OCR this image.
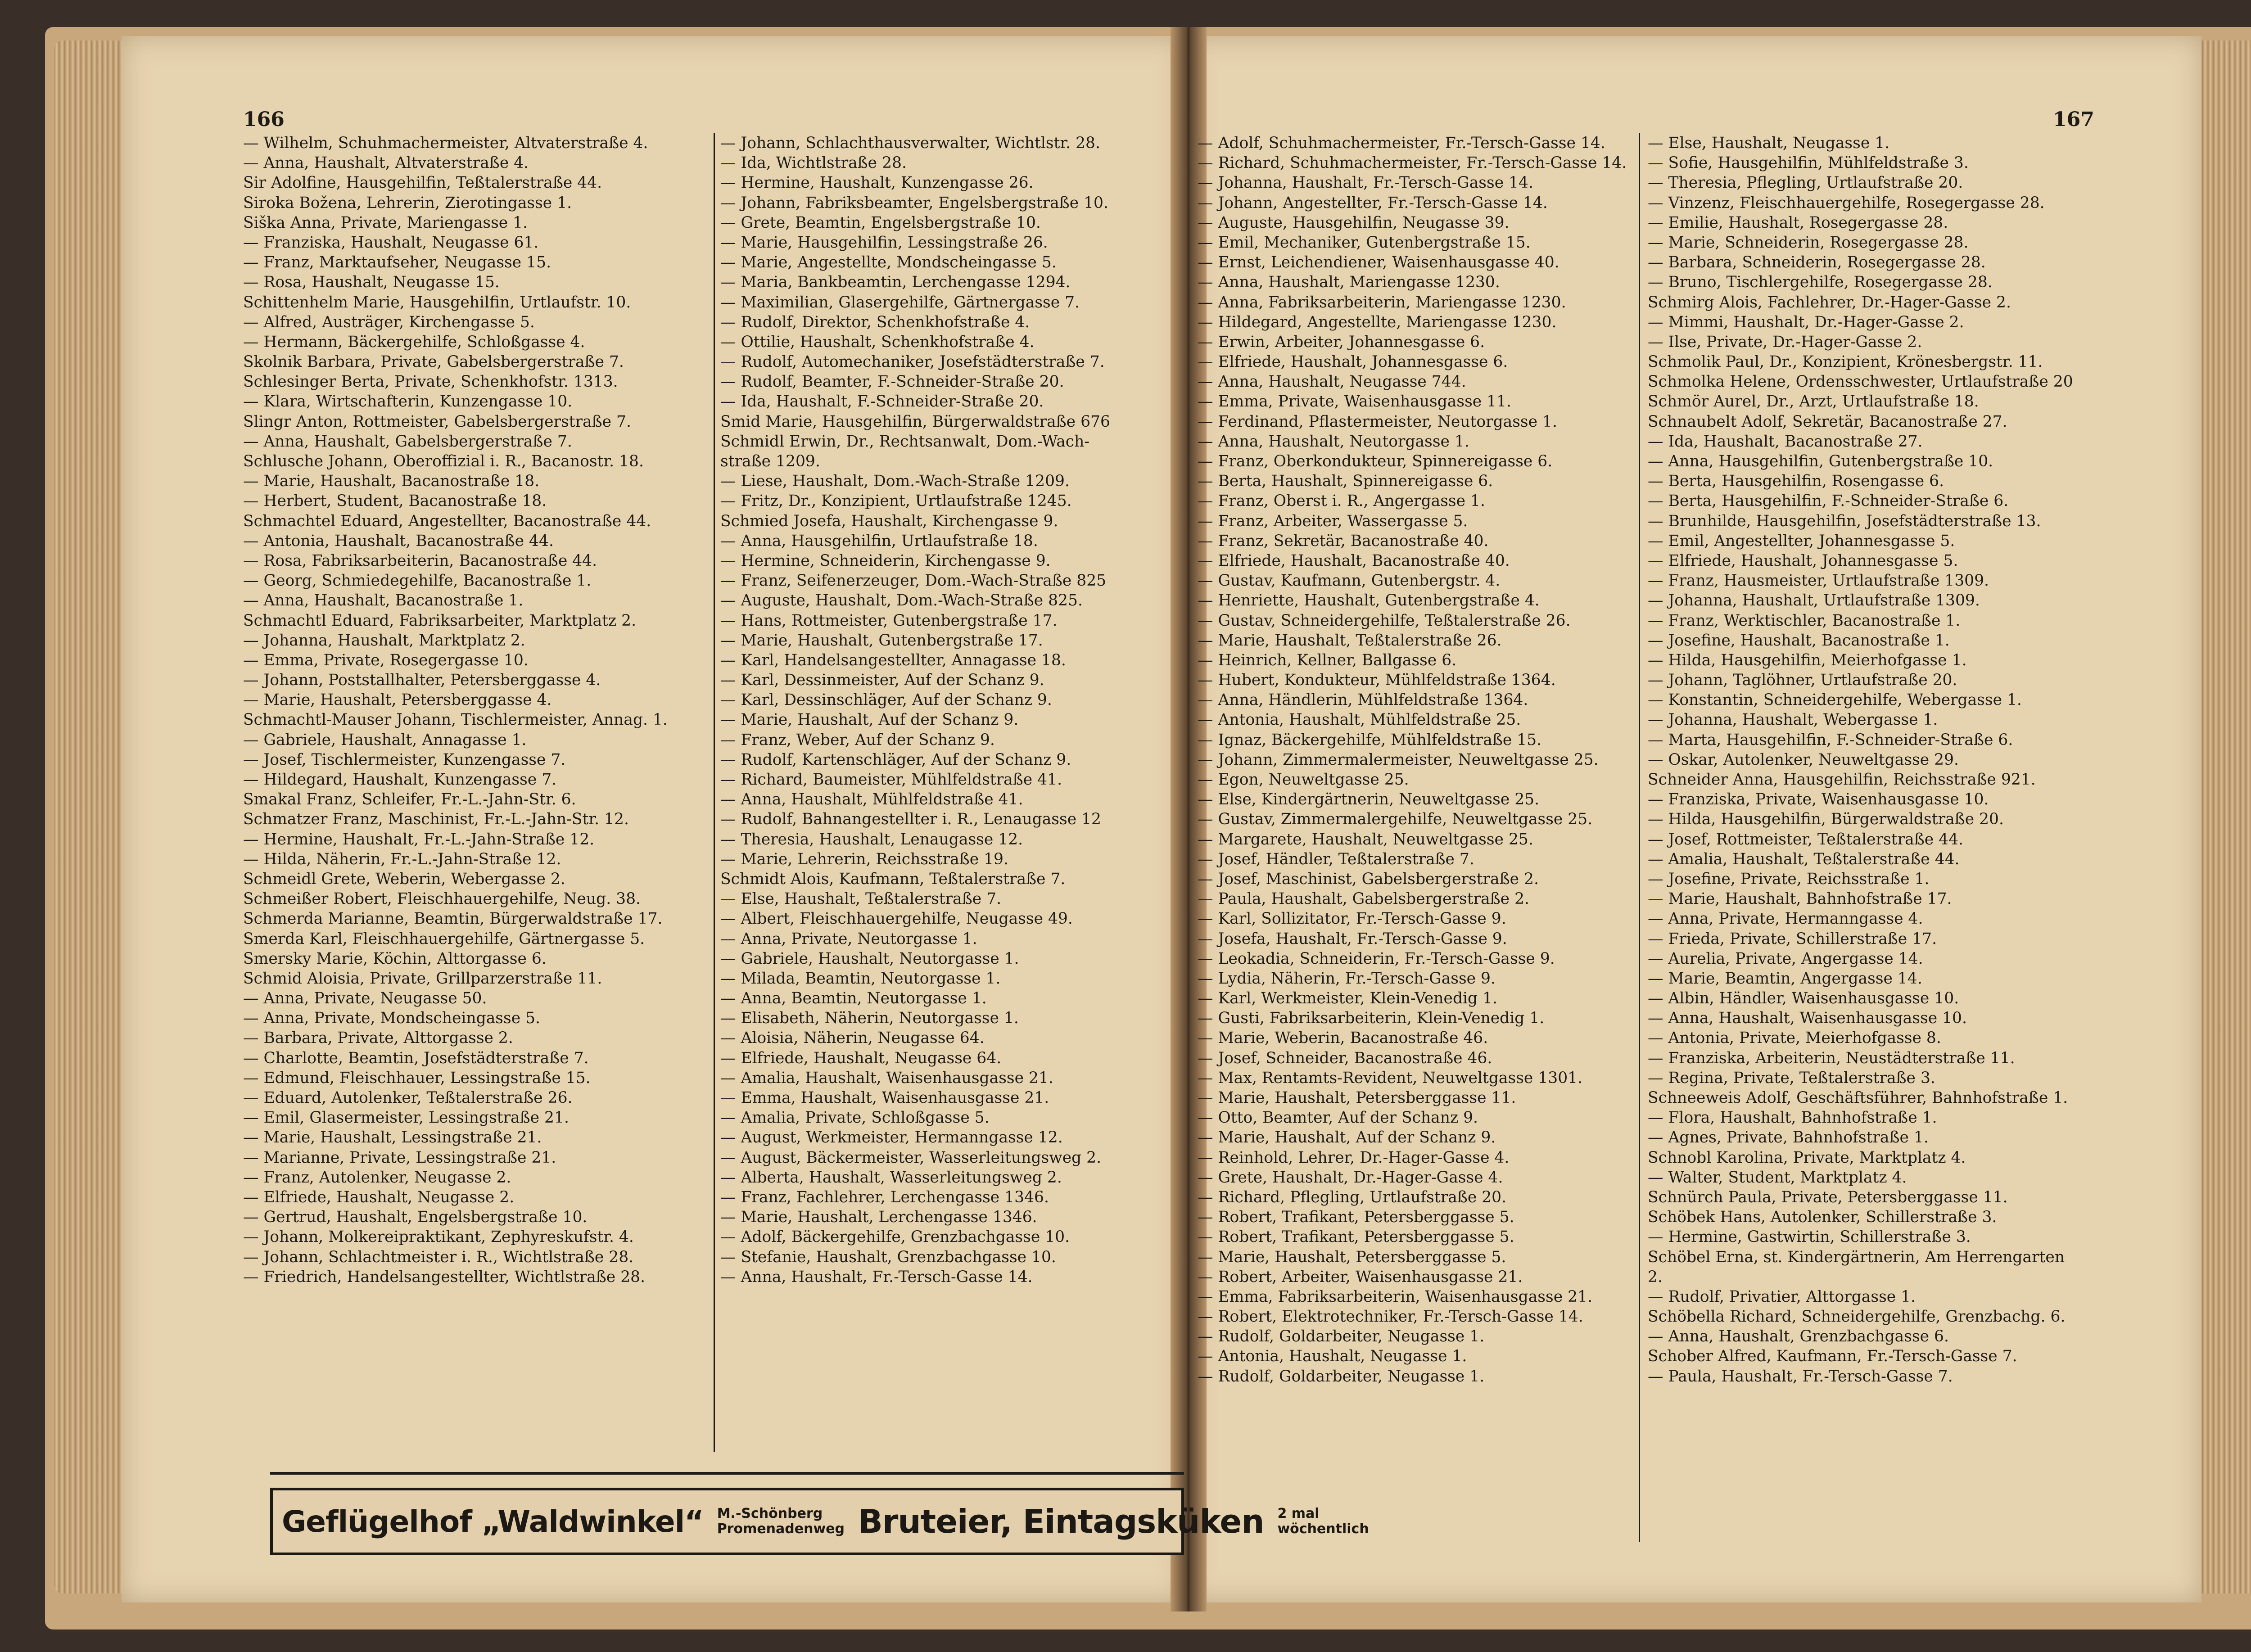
166	167
— Wilhelm, Schuhmachermeister, Altvaterstraße 4.
— Anna, Haushalt, Altvaterstraße 4.
Sir Adolfine, Hausgehilfin, Teßtalerstraße 44.
Siroka Božena, Lehrerin, Zierotingasse 1.
Siška Anna, Private, Mariengasse 1.
— Franziska, Haushalt, Neugasse 61.
— Franz, Marktaufseher, Neugasse 15.
— Rosa, Haushalt, Neugasse 15.
Schittenhelm Marie, Hausgehilfin, Urtlaufstr. 10.
— Alfred, Austräger, Kirchengasse 5.
— Hermann, Bäckergehilfe, Schloßgasse 4.
Skolnik Barbara, Private, Gabelsbergerstraße 7.
Schlesinger Berta, Private, Schenkhofstr. 1313.
— Klara, Wirtschafterin, Kunzengasse 10.
Slingr Anton, Rottmeister, Gabelsbergerstraße 7.
— Anna, Haushalt, Gabelsbergerstraße 7.
Schlusche Johann, Oberoffizial i. R., Bacanostr. 18.
— Marie, Haushalt, Bacanostraße 18.
— Herbert, Student, Bacanostraße 18.
Schmachtel Eduard, Angestellter, Bacanostraße 44.
— Antonia, Haushalt, Bacanostraße 44.
— Rosa, Fabriksarbeiterin, Bacanostraße 44.
— Georg, Schmiedegehilfe, Bacanostraße 1.
— Anna, Haushalt, Bacanostraße 1.
Schmachtl Eduard, Fabriksarbeiter, Marktplatz 2.
— Johanna, Haushalt, Marktplatz 2.
— Emma, Private, Rosegergasse 10.
— Johann, Poststallhalter, Petersberggasse 4.
— Marie, Haushalt, Petersberggasse 4.
Schmachtl-Mauser Johann, Tischlermeister, Annag. 1.
— Gabriele, Haushalt, Annagasse 1.
— Josef, Tischlermeister, Kunzengasse 7.
— Hildegard, Haushalt, Kunzengasse 7.
Smakal Franz, Schleifer, Fr.-L.-Jahn-Str. 6.
Schmatzer Franz, Maschinist, Fr.-L.-Jahn-Str. 12.
— Hermine, Haushalt, Fr.-L.-Jahn-Straße 12.
— Hilda, Näherin, Fr.-L.-Jahn-Straße 12.
Schmeidl Grete, Weberin, Webergasse 2.
Schmeißer Robert, Fleischhauergehilfe, Neug. 38.
Schmerda Marianne, Beamtin, Bürgerwaldstraße 17.
Smerda Karl, Fleischhauergehilfe, Gärtnergasse 5.
Smersky Marie, Köchin, Alttorgasse 6.
Schmid Aloisia, Private, Grillparzerstraße 11.
— Anna, Private, Neugasse 50.
— Anna, Private, Mondscheingasse 5.
— Barbara, Private, Alttorgasse 2.
— Charlotte, Beamtin, Josefstädterstraße 7.
— Edmund, Fleischhauer, Lessingstraße 15.
— Eduard, Autolenker, Teßtalerstraße 26.
— Emil, Glasermeister, Lessingstraße 21.
— Marie, Haushalt, Lessingstraße 21.
— Marianne, Private, Lessingstraße 21.
— Franz, Autolenker, Neugasse 2.
— Elfriede, Haushalt, Neugasse 2.
— Gertrud, Haushalt, Engelsbergstraße 10.
— Johann, Molkereipraktikant, Zephyreskufstr. 4.
— Johann, Schlachtmeister i. R., Wichtlstraße 28.
— Friedrich, Handelsangestellter, Wichtlstraße 28.
— Johann, Schlachthausverwalter, Wichtlstr. 28.
— Ida, Wichtlstraße 28.
— Hermine, Haushalt, Kunzengasse 26.
— Johann, Fabriksbeamter, Engelsbergstraße 10.
— Grete, Beamtin, Engelsbergstraße 10.
— Marie, Hausgehilfin, Lessingstraße 26.
— Marie, Angestellte, Mondscheingasse 5.
— Maria, Bankbeamtin, Lerchengasse 1294.
— Maximilian, Glasergehilfe, Gärtnergasse 7.
— Rudolf, Direktor, Schenkhofstraße 4.
— Ottilie, Haushalt, Schenkhofstraße 4.
— Rudolf, Automechaniker, Josefstädterstraße 7.
— Rudolf, Beamter, F.-Schneider-Straße 20.
— Ida, Haushalt, F.-Schneider-Straße 20.
Smid Marie, Hausgehilfin, Bürgerwaldstraße 676
Schmidl Erwin, Dr., Rechtsanwalt, Dom.-Wach-
straße 1209.
— Liese, Haushalt, Dom.-Wach-Straße 1209.
— Fritz, Dr., Konzipient, Urtlaufstraße 1245.
Schmied Josefa, Haushalt, Kirchengasse 9.
— Anna, Hausgehilfin, Urtlaufstraße 18.
— Hermine, Schneiderin, Kirchengasse 9.
— Franz, Seifenerzeuger, Dom.-Wach-Straße 825
— Auguste, Haushalt, Dom.-Wach-Straße 825.
— Hans, Rottmeister, Gutenbergstraße 17.
— Marie, Haushalt, Gutenbergstraße 17.
— Karl, Handelsangestellter, Annagasse 18.
— Karl, Dessinmeister, Auf der Schanz 9.
— Karl, Dessinschläger, Auf der Schanz 9.
— Marie, Haushalt, Auf der Schanz 9.
— Franz, Weber, Auf der Schanz 9.
— Rudolf, Kartenschläger, Auf der Schanz 9.
— Richard, Baumeister, Mühlfeldstraße 41.
— Anna, Haushalt, Mühlfeldstraße 41.
— Rudolf, Bahnangestellter i. R., Lenaugasse 12
— Theresia, Haushalt, Lenaugasse 12.
— Marie, Lehrerin, Reichsstraße 19.
Schmidt Alois, Kaufmann, Teßtalerstraße 7.
— Else, Haushalt, Teßtalerstraße 7.
— Albert, Fleischhauergehilfe, Neugasse 49.
— Anna, Private, Neutorgasse 1.
— Gabriele, Haushalt, Neutorgasse 1.
— Milada, Beamtin, Neutorgasse 1.
— Anna, Beamtin, Neutorgasse 1.
— Elisabeth, Näherin, Neutorgasse 1.
— Aloisia, Näherin, Neugasse 64.
— Elfriede, Haushalt, Neugasse 64.
— Amalia, Haushalt, Waisenhausgasse 21.
— Emma, Haushalt, Waisenhausgasse 21.
— Amalia, Private, Schloßgasse 5.
— August, Werkmeister, Hermanngasse 12.
— August, Bäckermeister, Wasserleitungsweg 2.
— Alberta, Haushalt, Wasserleitungsweg 2.
— Franz, Fachlehrer, Lerchengasse 1346.
— Marie, Haushalt, Lerchengasse 1346.
— Adolf, Bäckergehilfe, Grenzbachgasse 10.
— Stefanie, Haushalt, Grenzbachgasse 10.
— Anna, Haushalt, Fr.-Tersch-Gasse 14.
— Adolf, Schuhmachermeister, Fr.-Tersch-Gasse 14.
— Richard, Schuhmachermeister, Fr.-Tersch-Gasse 14.
— Johanna, Haushalt, Fr.-Tersch-Gasse 14.
— Johann, Angestellter, Fr.-Tersch-Gasse 14.
— Auguste, Hausgehilfin, Neugasse 39.
— Emil, Mechaniker, Gutenbergstraße 15.
— Ernst, Leichendiener, Waisenhausgasse 40.
— Anna, Haushalt, Mariengasse 1230.
— Anna, Fabriksarbeiterin, Mariengasse 1230.
— Hildegard, Angestellte, Mariengasse 1230.
— Erwin, Arbeiter, Johannesgasse 6.
— Elfriede, Haushalt, Johannesgasse 6.
— Anna, Haushalt, Neugasse 744.
— Emma, Private, Waisenhausgasse 11.
— Ferdinand, Pflastermeister, Neutorgasse 1.
— Anna, Haushalt, Neutorgasse 1.
— Franz, Oberkondukteur, Spinnereigasse 6.
— Berta, Haushalt, Spinnereigasse 6.
— Franz, Oberst i. R., Angergasse 1.
— Franz, Arbeiter, Wassergasse 5.
— Franz, Sekretär, Bacanostraße 40.
— Elfriede, Haushalt, Bacanostraße 40.
— Gustav, Kaufmann, Gutenbergstr. 4.
— Henriette, Haushalt, Gutenbergstraße 4.
— Gustav, Schneidergehilfe, Teßtalerstraße 26.
— Marie, Haushalt, Teßtalerstraße 26.
— Heinrich, Kellner, Ballgasse 6.
— Hubert, Kondukteur, Mühlfeldstraße 1364.
— Anna, Händlerin, Mühlfeldstraße 1364.
— Antonia, Haushalt, Mühlfeldstraße 25.
— Ignaz, Bäckergehilfe, Mühlfeldstraße 15.
— Johann, Zimmermalermeister, Neuweltgasse 25.
— Egon, Neuweltgasse 25.
— Else, Kindergärtnerin, Neuweltgasse 25.
— Gustav, Zimmermalergehilfe, Neuweltgasse 25.
— Margarete, Haushalt, Neuweltgasse 25.
— Josef, Händler, Teßtalerstraße 7.
— Josef, Maschinist, Gabelsbergerstraße 2.
— Paula, Haushalt, Gabelsbergerstraße 2.
— Karl, Sollizitator, Fr.-Tersch-Gasse 9.
— Josefa, Haushalt, Fr.-Tersch-Gasse 9.
— Leokadia, Schneiderin, Fr.-Tersch-Gasse 9.
— Lydia, Näherin, Fr.-Tersch-Gasse 9.
— Karl, Werkmeister, Klein-Venedig 1.
— Gusti, Fabriksarbeiterin, Klein-Venedig 1.
— Marie, Weberin, Bacanostraße 46.
— Josef, Schneider, Bacanostraße 46.
— Max, Rentamts-Revident, Neuweltgasse 1301.
— Marie, Haushalt, Petersberggasse 11.
— Otto, Beamter, Auf der Schanz 9.
— Marie, Haushalt, Auf der Schanz 9.
— Reinhold, Lehrer, Dr.-Hager-Gasse 4.
— Grete, Haushalt, Dr.-Hager-Gasse 4.
— Richard, Pflegling, Urtlaufstraße 20.
— Robert, Trafikant, Petersberggasse 5.
— Robert, Trafikant, Petersberggasse 5.
— Marie, Haushalt, Petersberggasse 5.
— Robert, Arbeiter, Waisenhausgasse 21.
— Emma, Fabriksarbeiterin, Waisenhausgasse 21.
— Robert, Elektrotechniker, Fr.-Tersch-Gasse 14.
— Rudolf, Goldarbeiter, Neugasse 1.
— Antonia, Haushalt, Neugasse 1.
— Rudolf, Goldarbeiter, Neugasse 1.
— Else, Haushalt, Neugasse 1.
— Sofie, Hausgehilfin, Mühlfeldstraße 3.
— Theresia, Pflegling, Urtlaufstraße 20.
— Vinzenz, Fleischhauergehilfe, Rosegergasse 28.
— Emilie, Haushalt, Rosegergasse 28.
— Marie, Schneiderin, Rosegergasse 28.
— Barbara, Schneiderin, Rosegergasse 28.
— Bruno, Tischlergehilfe, Rosegergasse 28.
Schmirg Alois, Fachlehrer, Dr.-Hager-Gasse 2.
— Mimmi, Haushalt, Dr.-Hager-Gasse 2.
— Ilse, Private, Dr.-Hager-Gasse 2.
Schmolik Paul, Dr., Konzipient, Krönesbergstr. 11.
Schmolka Helene, Ordensschwester, Urtlaufstraße 20
Schmör Aurel, Dr., Arzt, Urtlaufstraße 18.
Schnaubelt Adolf, Sekretär, Bacanostraße 27.
— Ida, Haushalt, Bacanostraße 27.
— Anna, Hausgehilfin, Gutenbergstraße 10.
— Berta, Hausgehilfin, Rosengasse 6.
— Berta, Hausgehilfin, F.-Schneider-Straße 6.
— Brunhilde, Hausgehilfin, Josefstädterstraße 13.
— Emil, Angestellter, Johannesgasse 5.
— Elfriede, Haushalt, Johannesgasse 5.
— Franz, Hausmeister, Urtlaufstraße 1309.
— Johanna, Haushalt, Urtlaufstraße 1309.
— Franz, Werktischler, Bacanostraße 1.
— Josefine, Haushalt, Bacanostraße 1.
— Hilda, Hausgehilfin, Meierhofgasse 1.
— Johann, Taglöhner, Urtlaufstraße 20.
— Konstantin, Schneidergehilfe, Webergasse 1.
— Johanna, Haushalt, Webergasse 1.
— Marta, Hausgehilfin, F.-Schneider-Straße 6.
— Oskar, Autolenker, Neuweltgasse 29.
Schneider Anna, Hausgehilfin, Reichsstraße 921.
— Franziska, Private, Waisenhausgasse 10.
— Hilda, Hausgehilfin, Bürgerwaldstraße 20.
— Josef, Rottmeister, Teßtalerstraße 44.
— Amalia, Haushalt, Teßtalerstraße 44.
— Josefine, Private, Reichsstraße 1.
— Marie, Haushalt, Bahnhofstraße 17.
— Anna, Private, Hermanngasse 4.
— Frieda, Private, Schillerstraße 17.
— Aurelia, Private, Angergasse 14.
— Marie, Beamtin, Angergasse 14.
— Albin, Händler, Waisenhausgasse 10.
— Anna, Haushalt, Waisenhausgasse 10.
— Antonia, Private, Meierhofgasse 8.
— Franziska, Arbeiterin, Neustädterstraße 11.
— Regina, Private, Teßtalerstraße 3.
Schneeweis Adolf, Geschäftsführer, Bahnhofstraße 1.
— Flora, Haushalt, Bahnhofstraße 1.
— Agnes, Private, Bahnhofstraße 1.
Schnobl Karolina, Private, Marktplatz 4.
— Walter, Student, Marktplatz 4.
Schnürch Paula, Private, Petersberggasse 11.
Schöbek Hans, Autolenker, Schillerstraße 3.
— Hermine, Gastwirtin, Schillerstraße 3.
Schöbel Erna, st. Kindergärtnerin, Am Herrengarten
2.
— Rudolf, Privatier, Alttorgasse 1.
Schöbella Richard, Schneidergehilfe, Grenzbachg. 6.
— Anna, Haushalt, Grenzbachgasse 6.
Schober Alfred, Kaufmann, Fr.-Tersch-Gasse 7.
— Paula, Haushalt, Fr.-Tersch-Gasse 7.
Geflügelhof „Waldwinkel“ M.-Schönberg
Promenadenweg Bruteier, Eintagsküken 2 mal
wöchentlich
